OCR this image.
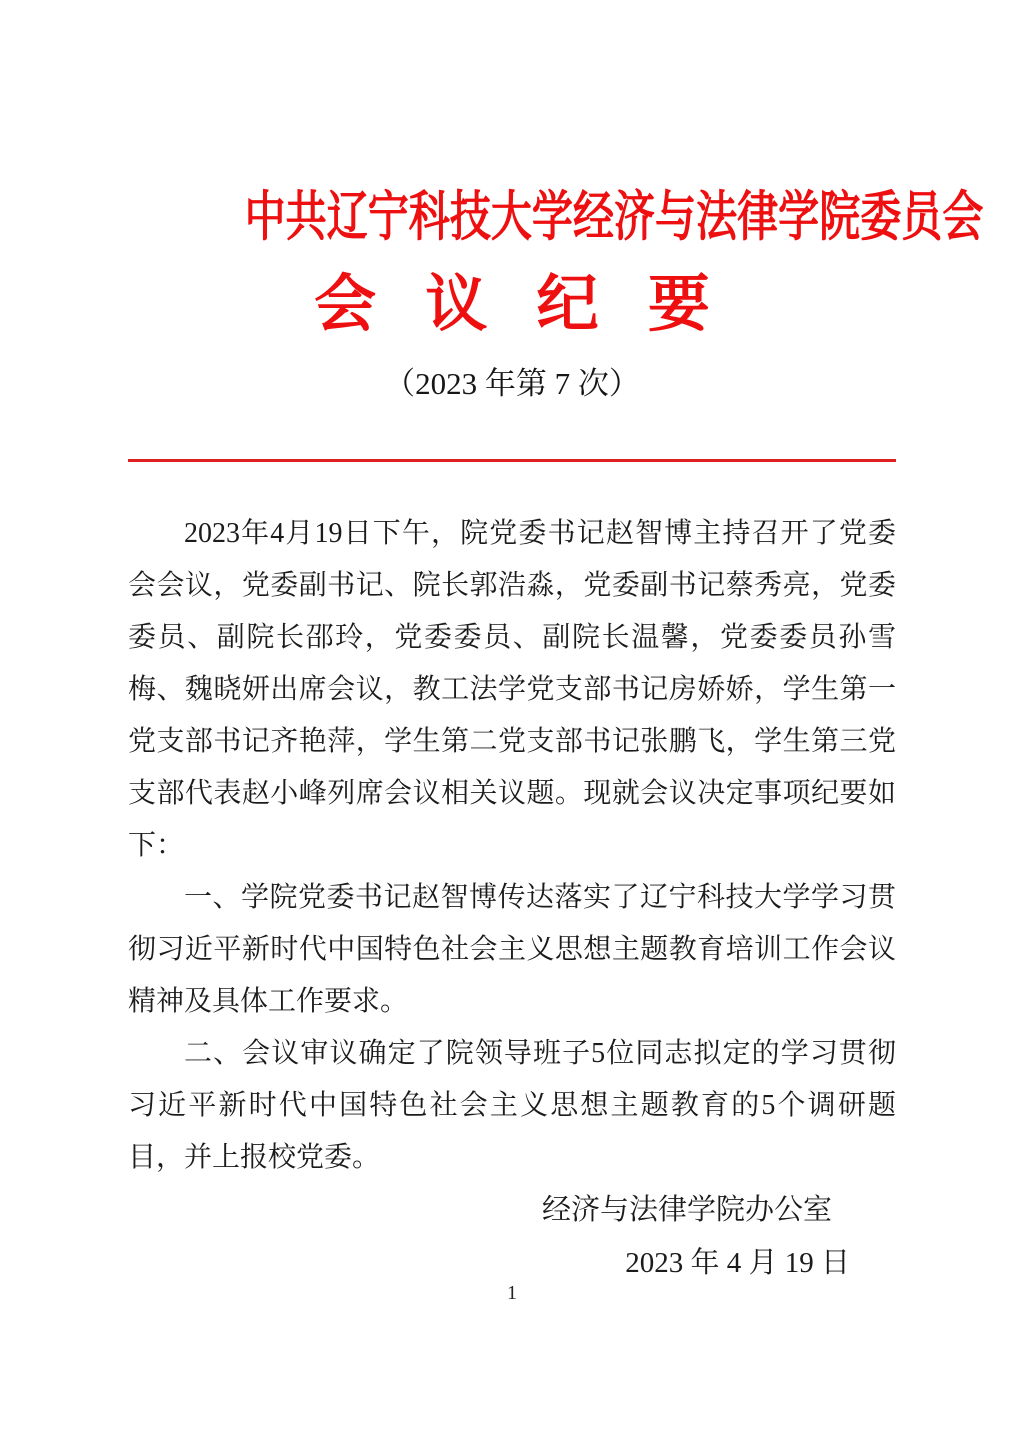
中共辽宁科技大学经济与法律学院委员会
会 议 纪 要
（2023 年第 7 次）

2023年4月19日下午，院党委书记赵智博主持召开了党委会会议，党委副书记、院长郭浩淼，党委副书记蔡秀亮，党委委员、副院长邵玲，党委委员、副院长温馨，党委委员孙雪梅、魏晓妍出席会议，教工法学党支部书记房娇娇，学生第一党支部书记齐艳萍，学生第二党支部书记张鹏飞，学生第三党支部代表赵小峰列席会议相关议题。现就会议决定事项纪要如下：

一、学院党委书记赵智博传达落实了辽宁科技大学学习贯彻习近平新时代中国特色社会主义思想主题教育培训工作会议精神及具体工作要求。

二、会议审议确定了院领导班子5位同志拟定的学习贯彻习近平新时代中国特色社会主义思想主题教育的5个调研题目，并上报校党委。

经济与法律学院办公室
2023 年 4 月 19 日
1
